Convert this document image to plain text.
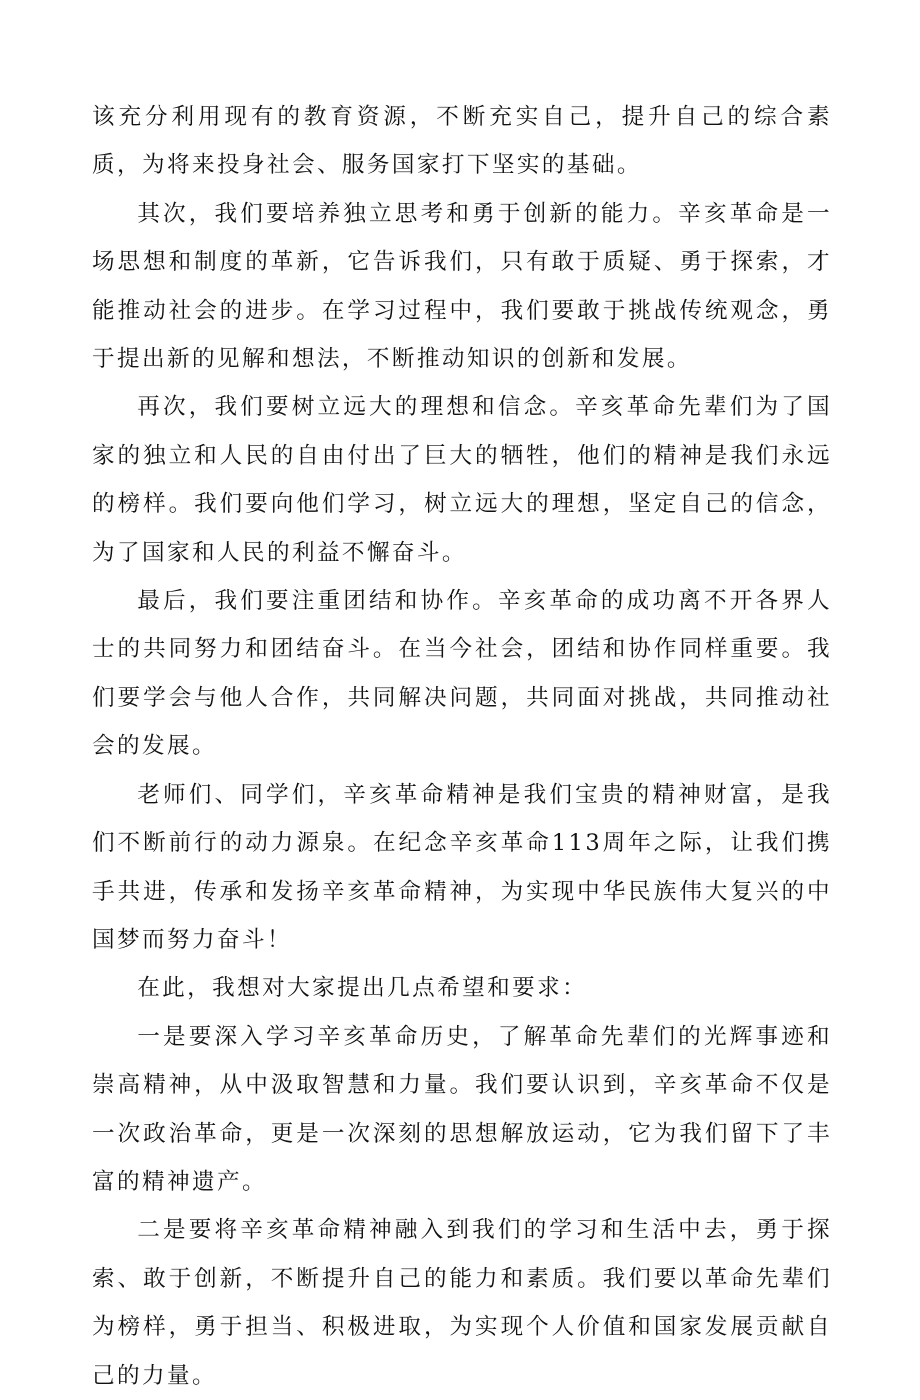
该充分利用现有的教育资源，不断充实自己，提升自己的综合素质，为将来投身社会、服务国家打下坚实的基础。

其次，我们要培养独立思考和勇于创新的能力。辛亥革命是一场思想和制度的革新，它告诉我们，只有敢于质疑、勇于探索，才能推动社会的进步。在学习过程中，我们要敢于挑战传统观念，勇于提出新的见解和想法，不断推动知识的创新和发展。

再次，我们要树立远大的理想和信念。辛亥革命先辈们为了国家的独立和人民的自由付出了巨大的牺牲，他们的精神是我们永远的榜样。我们要向他们学习，树立远大的理想，坚定自己的信念，为了国家和人民的利益不懈奋斗。

最后，我们要注重团结和协作。辛亥革命的成功离不开各界人士的共同努力和团结奋斗。在当今社会，团结和协作同样重要。我们要学会与他人合作，共同解决问题，共同面对挑战，共同推动社会的发展。

老师们、同学们，辛亥革命精神是我们宝贵的精神财富，是我们不断前行的动力源泉。在纪念辛亥革命113周年之际，让我们携手共进，传承和发扬辛亥革命精神，为实现中华民族伟大复兴的中国梦而努力奋斗！

在此，我想对大家提出几点希望和要求：

一是要深入学习辛亥革命历史，了解革命先辈们的光辉事迹和崇高精神，从中汲取智慧和力量。我们要认识到，辛亥革命不仅是一次政治革命，更是一次深刻的思想解放运动，它为我们留下了丰富的精神遗产。

二是要将辛亥革命精神融入到我们的学习和生活中去，勇于探索、敢于创新，不断提升自己的能力和素质。我们要以革命先辈们为榜样，勇于担当、积极进取，为实现个人价值和国家发展贡献自己的力量。
